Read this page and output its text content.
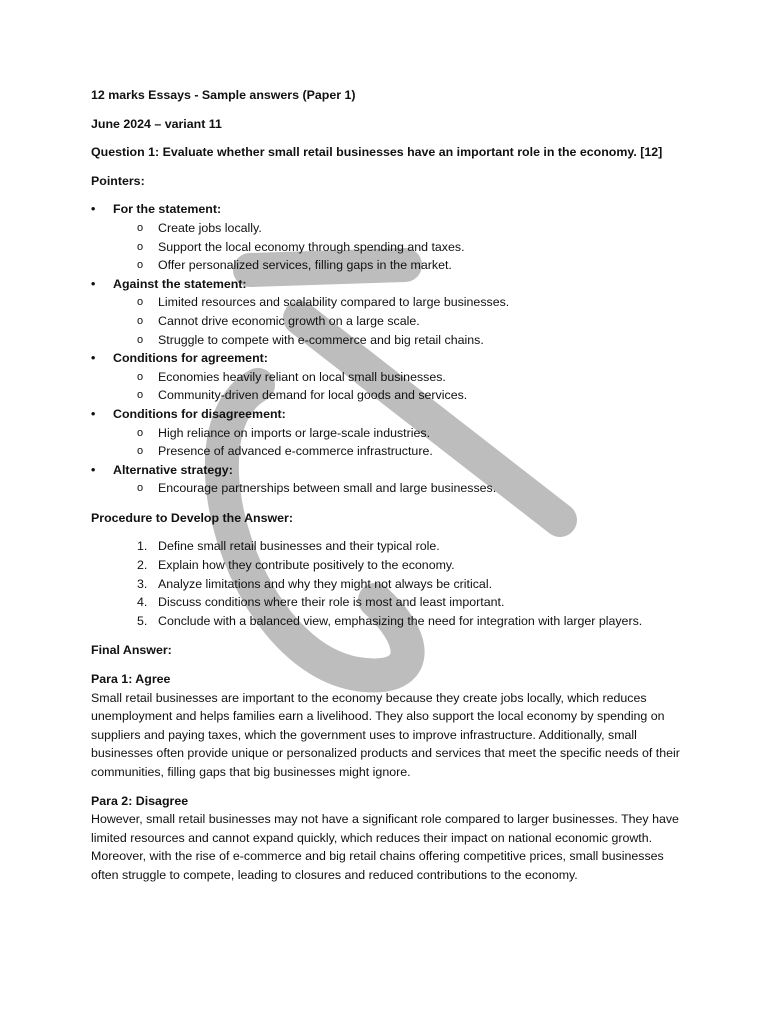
12 marks Essays - Sample answers (Paper 1)

June 2024 – variant 11

Question 1: Evaluate whether small retail businesses have an important role in the economy. [12]

Pointers:

• For the statement:
o Create jobs locally.
o Support the local economy through spending and taxes.
o Offer personalized services, filling gaps in the market.
• Against the statement:
o Limited resources and scalability compared to large businesses.
o Cannot drive economic growth on a large scale.
o Struggle to compete with e-commerce and big retail chains.
• Conditions for agreement:
o Economies heavily reliant on local small businesses.
o Community-driven demand for local goods and services.
• Conditions for disagreement:
o High reliance on imports or large-scale industries.
o Presence of advanced e-commerce infrastructure.
• Alternative strategy:
o Encourage partnerships between small and large businesses.

Procedure to Develop the Answer:

1. Define small retail businesses and their typical role.
2. Explain how they contribute positively to the economy.
3. Analyze limitations and why they might not always be critical.
4. Discuss conditions where their role is most and least important.
5. Conclude with a balanced view, emphasizing the need for integration with larger players.

Final Answer:

Para 1: Agree

Small retail businesses are important to the economy because they create jobs locally, which reduces unemployment and helps families earn a livelihood. They also support the local economy by spending on suppliers and paying taxes, which the government uses to improve infrastructure. Additionally, small businesses often provide unique or personalized products and services that meet the specific needs of their communities, filling gaps that big businesses might ignore.

Para 2: Disagree

However, small retail businesses may not have a significant role compared to larger businesses. They have limited resources and cannot expand quickly, which reduces their impact on national economic growth. Moreover, with the rise of e-commerce and big retail chains offering competitive prices, small businesses often struggle to compete, leading to closures and reduced contributions to the economy.
